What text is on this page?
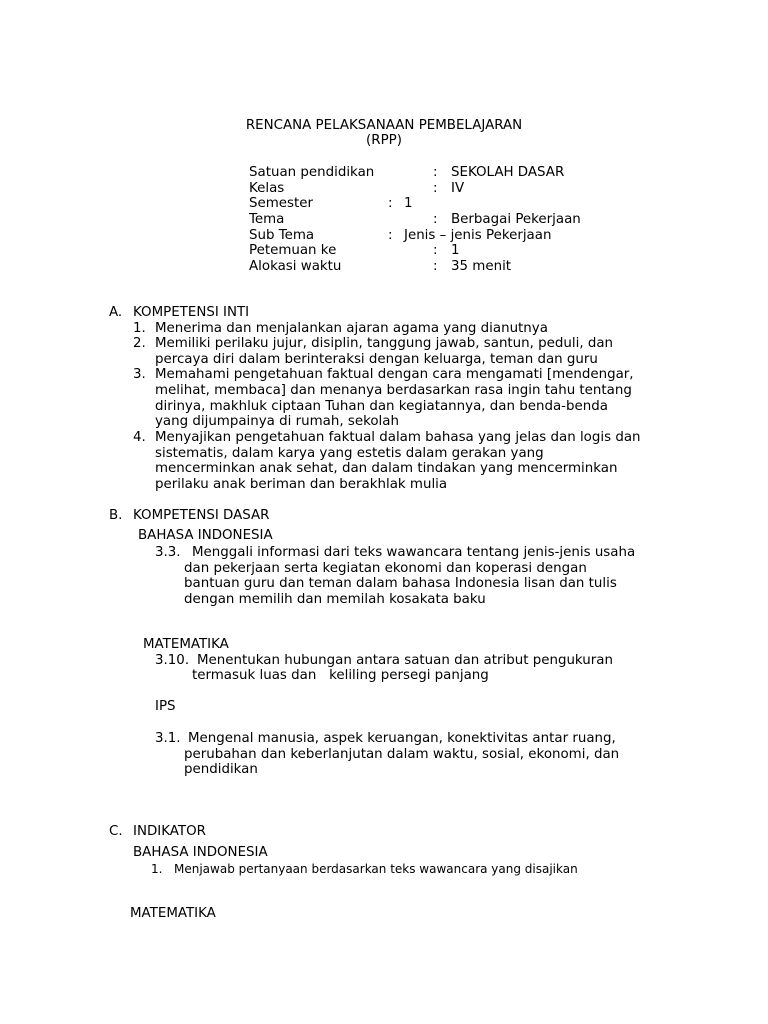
RENCANA PELAKSANAAN PEMBELAJARAN
(RPP)
Satuan pendidikan	: SEKOLAH DASAR
Kelas	: IV
Semester	: 1
Tema	: Berbagai Pekerjaan
Sub Tema	: Jenis – jenis Pekerjaan
Petemuan ke	: 1
Alokasi waktu	: 35 menit
A. KOMPETENSI INTI
1. Menerima dan menjalankan ajaran agama yang dianutnya
2. Memiliki perilaku jujur, disiplin, tanggung jawab, santun, peduli, dan
percaya diri dalam berinteraksi dengan keluarga, teman dan guru
3. Memahami pengetahuan faktual dengan cara mengamati [mendengar,
melihat, membaca] dan menanya berdasarkan rasa ingin tahu tentang
dirinya, makhluk ciptaan Tuhan dan kegiatannya, dan benda-benda
yang dijumpainya di rumah, sekolah
4. Menyajikan pengetahuan faktual dalam bahasa yang jelas dan logis dan
sistematis, dalam karya yang estetis dalam gerakan yang
mencerminkan anak sehat, dan dalam tindakan yang mencerminkan
perilaku anak beriman dan berakhlak mulia
B. KOMPETENSI DASAR
BAHASA INDONESIA
3.3. Menggali informasi dari teks wawancara tentang jenis-jenis usaha
dan pekerjaan serta kegiatan ekonomi dan koperasi dengan
bantuan guru dan teman dalam bahasa Indonesia lisan dan tulis
dengan memilih dan memilah kosakata baku
MATEMATIKA
3.10. Menentukan hubungan antara satuan dan atribut pengukuran
termasuk luas dan   keliling persegi panjang
IPS
3.1. Mengenal manusia, aspek keruangan, konektivitas antar ruang,
perubahan dan keberlanjutan dalam waktu, sosial, ekonomi, dan
pendidikan
C. INDIKATOR
BAHASA INDONESIA
1. Menjawab pertanyaan berdasarkan teks wawancara yang disajikan
MATEMATIKA
